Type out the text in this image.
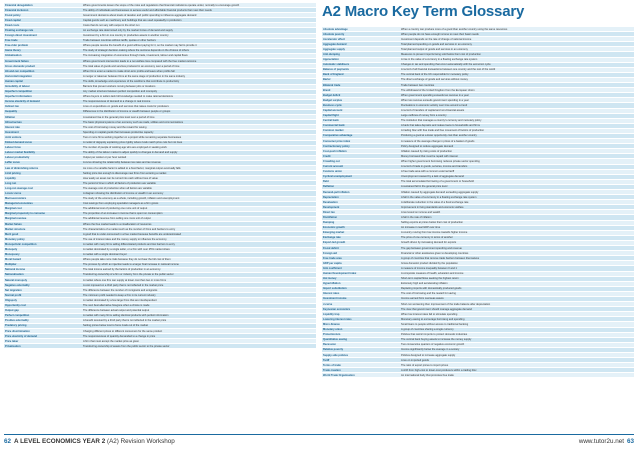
Financial deregulation	Where governments lessen the scope of the rules and regulations that financial institutions operate under, normally to encourage growth
Financial inclusion	The ability of individuals and businesses to access useful and affordable financial products that meet their needs
Fiscal policy	Government decisions about levels of taxation and public spending to influence aggregate demand
Fixed capital	Capital goods such as machinery and buildings that are used repeatedly in production
Fixed costs	Costs that do not vary with output in the short run
Floating exchange rate	An exchange rate determined only by the market forces of demand and supply
Foreign direct investment	Investment by a firm in one country in productive assets in another country
Free trade	Trade between countries without tariffs, quotas or other barriers
Free-rider problem	Where people receive the benefit of a good without paying for it, so the market may fail to provide it
Game theory	The study of strategic decision-making where the outcome depends on the choices of others
Globalisation	The increasing integration of economies through trade, investment, labour and capital flows
Government failure	Where government intervention leads to a net welfare loss compared with the free market outcome
Gross domestic product	The total value of goods and services produced in an economy over a period of time
Hit-and-run competition	When firms enter a market to make short-term profits and leave when profits fall
Horizontal integration	A merger or takeover between firms at the same stage of production in the same industry
Human capital	The skills, knowledge and experience of the workforce that contribute to productivity
Immobility of labour	Barriers that prevent workers moving between jobs or locations
Imperfect competition	Any market structure between perfect competition and monopoly
Imperfect information	Where buyers or sellers lack full knowledge needed to make rational decisions
Income elasticity of demand	The responsiveness of demand to a change in real income
Indirect tax	A tax on expenditure on goods and services that raises costs for producers
Inequality	Differences in the distribution of income or wealth between people or groups
Inflation	A sustained rise in the general price level over a period of time
Infrastructure	The basic physical systems of an economy such as roads, utilities and communications
Interest rate	The cost of borrowing money and the reward for saving
Investment	Spending on capital goods that increases productive capacity
Joint venture	Two or more firms working together on a project while remaining separate businesses
Kinked demand curve	A model of oligopoly explaining price rigidity where rivals match price cuts but not rises
Labour force	The number of people of working age who are employed or seeking work
Labour market flexibility	The ability of the labour market to adjust quickly to changes in demand and supply
Labour productivity	Output per worker or per hour worked
Laffer curve	A curve showing the relationship between tax rates and tax revenue
Law of diminishing returns	As more of a variable factor is added to a fixed factor, marginal output eventually falls
Limit pricing	Setting price low enough to discourage new firms from entering a market
Liquidity	How easily an asset can be turned into cash without loss of value
Long run	The period of time in which all factors of production are variable
Long-run average cost	The average cost of production when all factors are variable
Lorenz curve	A diagram showing the distribution of income or wealth in an economy
Macroeconomics	The study of the economy as a whole, including growth, inflation and unemployment
Managerial economies	Cost savings from employing specialist managers as a firm grows
Marginal cost	The additional cost of producing one more unit of output
Marginal propensity to consume	The proportion of an increase in income that is spent on consumption
Marginal revenue	The additional revenue from selling one more unit of output
Market failure	Where the free market leads to a misallocation of resources
Market structure	The characteristics of a market such as the number of firms and barriers to entry
Merit good	A good that is under-consumed in a free market because benefits are underestimated
Monetary policy	The use of interest rates and the money supply to influence the economy
Monopolistic competition	A market with many firms selling differentiated products and low barriers to entry
Monopoly	A market dominated by a single seller, or a firm with over 25% market share
Monopsony	A market with a single dominant buyer
Moral hazard	Where people take more risks because they do not bear the full cost of them
Multiplier	The process by which an injection leads to a larger final increase in national income
National income	The total income earned by the factors of production in an economy
Nationalisation	Transferring ownership of a firm or industry from the private to the public sector
Natural monopoly	A market where one firm can supply at lower cost than two or more firms
Negative externality	A cost imposed on a third party that is not reflected in the market price
Net migration	The difference between the number of immigrants and emigrants
Normal profit	The minimum profit needed to keep a firm in its current industry
Oligopoly	A market dominated by a few large firms that are interdependent
Opportunity cost	The next best alternative foregone when a choice is made
Output gap	The difference between actual output and potential output
Perfect competition	A market with many firms selling identical products with perfect information
Positive externality	A benefit received by a third party that is not reflected in the market price
Predatory pricing	Setting prices below cost to force rivals out of the market
Price discrimination	Charging different prices to different consumers for the same product
Price elasticity of demand	The responsiveness of quantity demanded to a change in price
Price taker	A firm that must accept the market price as given
Privatisation	Transferring ownership of assets from the public sector to the private sector
A2 Macro Key Term Glossary
Absolute advantage	When a country can produce more of a good than another country using the same resources
Absolute poverty	When people do not have enough income to meet their basic needs
Accelerator effect	Investment depends on the rate of change of national income
Aggregate demand	Total planned spending on goods and services in an economy
Aggregate supply	Total planned output of goods and services in an economy
Anti-dumping	Measures to prevent imports being sold below their cost of production
Appreciation	A rise in the value of a currency in a floating exchange rate system
Automatic stabilisers	Changes in tax and spending that occur automatically with the economic cycle
Balance of payments	A record of all financial transactions between one country and the rest of the world
Bank of England	The central bank of the UK responsible for monetary policy
Barter	The direct exchange of goods and services without money
Bilateral trade	Trade between two countries
Brexit	The withdrawal of the United Kingdom from the European Union
Budget deficit	When government spending exceeds tax revenue in a year
Budget surplus	When tax revenue exceeds government spending in a year
Business cycle	Fluctuations in economic activity over time around a trend
Capital account	A record of transfers of capital and non-financial assets
Capital flight	Large outflows of money from a country
Central bank	The institution that manages a country's currency and monetary policy
Commercial bank	A bank that takes deposits and makes loans to households and firms
Common market	A trading bloc with free trade and free movement of factors of production
Comparative advantage	Producing a good at a lower opportunity cost than another country
Consumer price index	A measure of the average change in prices of a basket of goods
Contractionary policy	Policy designed to reduce aggregate demand
Cost-push inflation	Inflation caused by rising costs of production
Credit	Money borrowed that must be repaid with interest
Crowding out	When higher government borrowing reduces private sector spending
Current account	A record of trade in goods, services, income and transfers
Customs union	A free trade area with a common external tariff
Cyclical unemployment	Unemployment caused by a lack of aggregate demand
Debt	The total accumulated borrowing of a government or household
Deflation	A sustained fall in the general price level
Demand-pull inflation	Inflation caused by aggregate demand exceeding aggregate supply
Depreciation	A fall in the value of a currency in a floating exchange rate system
Devaluation	A deliberate reduction in the value of a fixed exchange rate
Development	Improvement in living standards and economic welfare
Direct tax	A tax levied on income and wealth
Disinflation	A fall in the rate of inflation
Dumping	Selling exports at prices below their cost of production
Economic growth	An increase in real GDP over time
Emerging market	A country moving from low income towards higher income
Exchange rate	The price of one currency in terms of another
Export-led growth	Growth driven by increasing demand for exports
Fiscal deficit	The gap between government spending and revenue
Foreign aid	Financial or other assistance given to developing countries
Free trade area	A group of countries that remove trade barriers between themselves
GDP per capita	Gross domestic product divided by the population
Gini coefficient	A measure of income inequality between 0 and 1
Human Development Index	A composite measure of health, education and income
Hot money	Short-term capital flows seeking the highest return
Hyperinflation	Extremely high and accelerating inflation
Import substitution	Replacing imports with domestically produced goods
Interest rates	The cost of borrowing and the reward for saving
Investment income	Income earned from overseas assets
J-curve	Short-run worsening then improvement of the trade balance after depreciation
Keynesian economics	The view that government should manage aggregate demand
Liquidity trap	When low interest rates fail to stimulate spending
Lowering interest rates	Monetary easing to encourage borrowing and spending
Micro-finance	Small loans to people without access to traditional banking
Monetary union	A group of countries sharing a single currency
Protectionism	Policies that restrict imports to protect domestic industries
Quantitative easing	The central bank buying assets to increase the money supply
Recession	Two consecutive quarters of negative economic growth
Relative poverty	Income significantly below the average in a society
Supply-side policies	Policies designed to increase aggregate supply
Tariff	A tax on imported goods
Terms of trade	The ratio of export prices to import prices
Trade creation	A shift from high-cost to lower-cost producers within a trading bloc
World Trade Organisation	An international body that promotes free trade
62 A LEVEL ECONOMICS YEAR 2 (A2) Revision Workshop	www.tutor2u.net 63
